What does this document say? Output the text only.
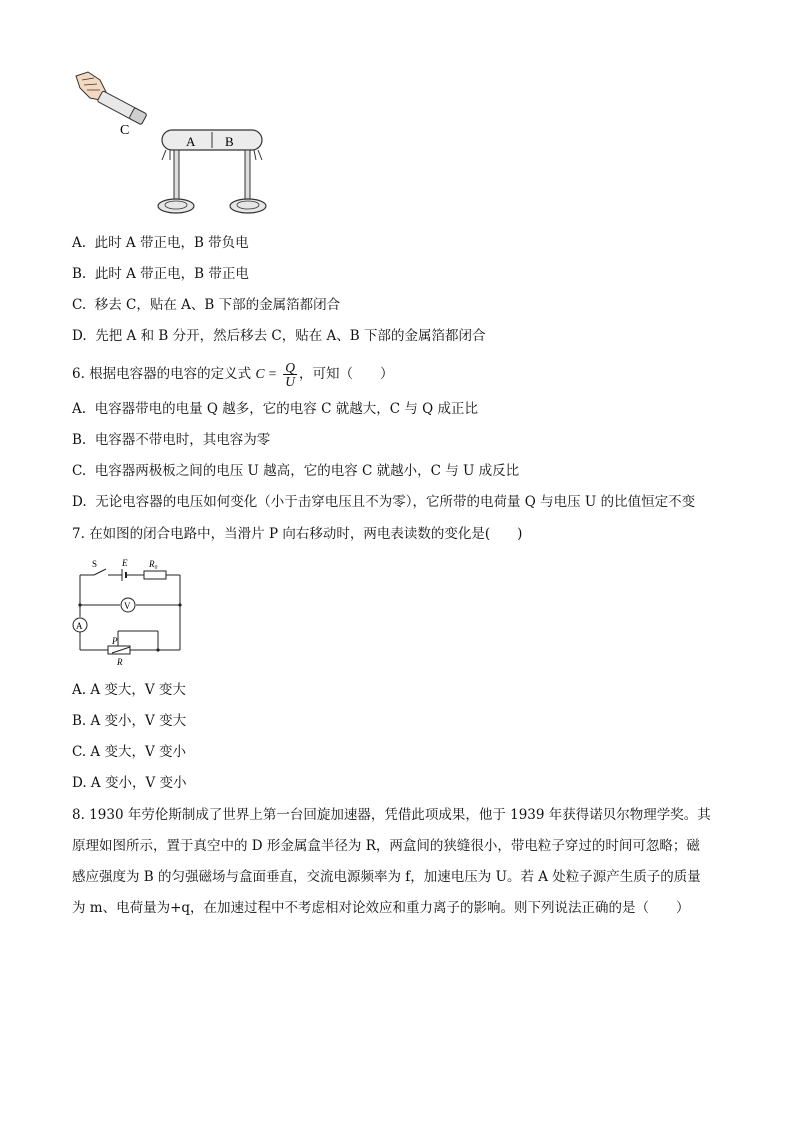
C
A B
A. 此时 A 带正电，B 带负电
B. 此时 A 带正电，B 带正电
C. 移去 C，贴在 A、B 下部的金属箔都闭合
D. 先把 A 和 B 分开，然后移去 C，贴在 A、B 下部的金属箔都闭合
6. 根据电容器的电容的定义式 $C = \frac{Q}{U}$ ，可知（　　）
A. 电容器带电的电量 Q 越多，它的电容 C 就越大，C 与 Q 成正比
B. 电容器不带电时，其电容为零
C. 电容器两极板之间的电压 U 越高，它的电容 C 就越小，C 与 U 成反比
D. 无论电容器的电压如何变化（小于击穿电压且不为零），它所带的电荷量 Q 与电压 U 的比值恒定不变
7. 在如图的闭合电路中，当滑片 P 向右移动时，两电表读数的变化是(　　)
S	E R₀
V
A
P
R
A. A 变大，V 变大
B. A 变小，V 变大
C. A 变大，V 变小
D. A 变小，V 变小
8. 1930 年劳伦斯制成了世界上第一台回旋加速器，凭借此项成果，他于 1939 年获得诺贝尔物理学奖。其
原理如图所示，置于真空中的 D 形金属盒半径为 R，两盒间的狭缝很小，带电粒子穿过的时间可忽略；磁
感应强度为 B 的匀强磁场与盒面垂直，交流电源频率为 f，加速电压为 U。若 A 处粒子源产生质子的质量
为 m、电荷量为+q，在加速过程中不考虑相对论效应和重力离子的影响。则下列说法正确的是（　　）
